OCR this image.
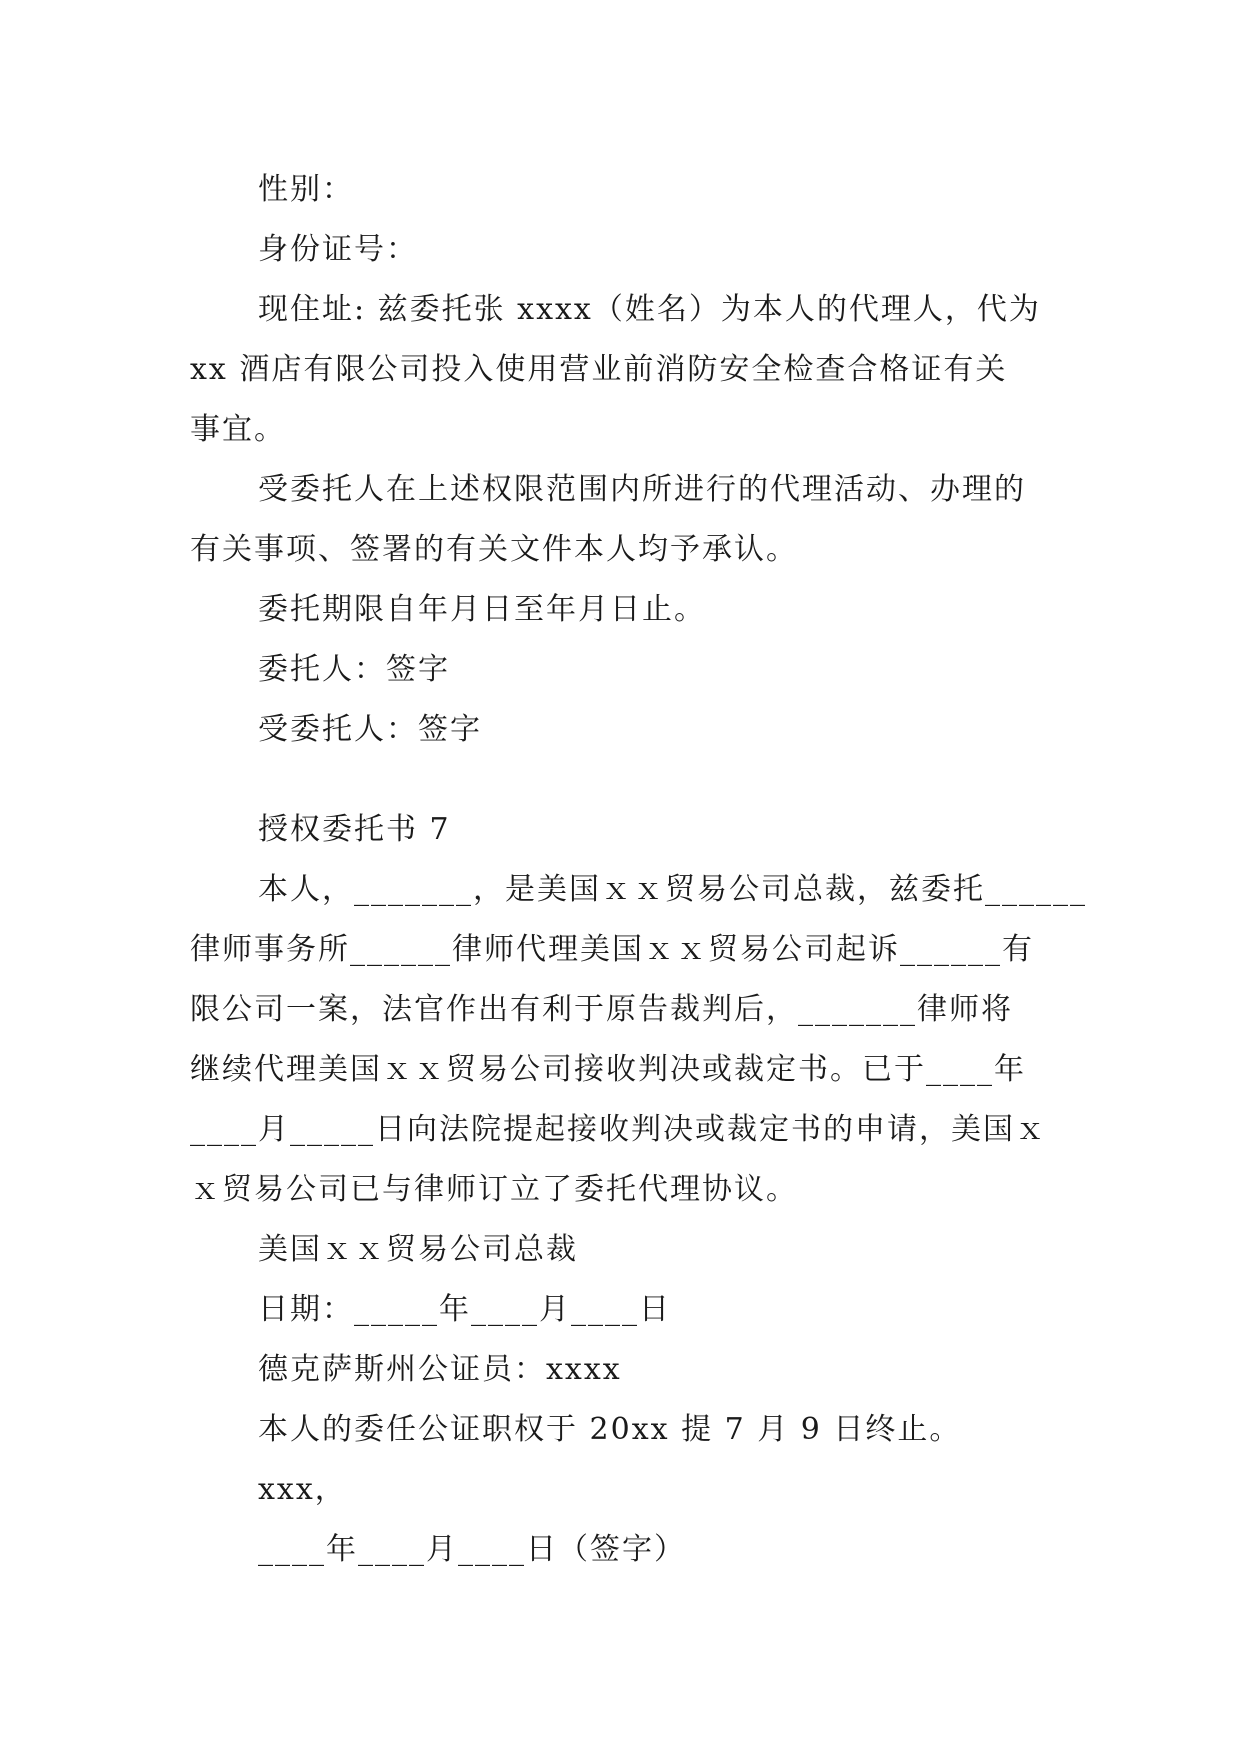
性别：
身份证号：
现住址: 兹委托张 xxxx（姓名）为本人的代理人，代为
xx 酒店有限公司投入使用营业前消防安全检查合格证有关
事宜。
受委托人在上述权限范围内所进行的代理活动、办理的
有关事项、签署的有关文件本人均予承认。
委托期限自年月日至年月日止。
委托人：签字
受委托人：签字
授权委托书 7
本人，_______，是美国ｘｘ贸易公司总裁，兹委托______
律师事务所______律师代理美国ｘｘ贸易公司起诉______有
限公司一案，法官作出有利于原告裁判后，_______律师将
继续代理美国ｘｘ贸易公司接收判决或裁定书。已于____年
____月_____日向法院提起接收判决或裁定书的申请，美国ｘ
ｘ贸易公司已与律师订立了委托代理协议。
美国ｘｘ贸易公司总裁
日期：_____年____月____日
德克萨斯州公证员：xxxx
本人的委任公证职权于 20xx 提 7 月 9 日终止。
xxx，
____年____月____日（签字）
